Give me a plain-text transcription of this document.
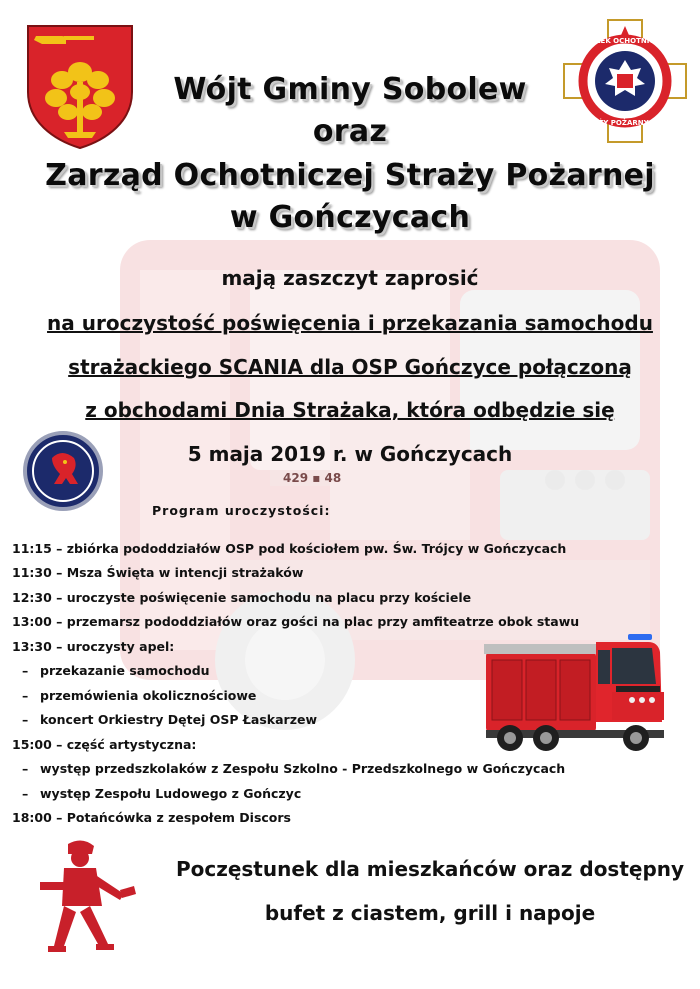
ZWIĄZEK OCHOTNICZYCH
STRAŻY POŻARNYCH RP
Wójt Gminy Sobolew
oraz
Zarząd Ochotniczej Straży Pożarnej
w Gończycach
mają zaszczyt zaprosić
na uroczystość poświęcenia i przekazania samochodu
strażackiego SCANIA dla OSP Gończyce połączoną
z obchodami Dnia Strażaka, która odbędzie się
5 maja 2019 r. w Gończycach
429 ▪ 48
Program uroczystości:
11:15 – zbiórka pododdziałów OSP pod kościołem pw. Św. Trójcy w Gończycach
11:30 – Msza Święta w intencji strażaków
12:30 – uroczyste poświęcenie samochodu na placu przy kościele
13:00 – przemarsz pododdziałów oraz gości na plac przy amfiteatrze obok stawu
13:30 – uroczysty apel:
– przekazanie samochodu
– przemówienia okolicznościowe
– koncert Orkiestry Dętej OSP Łaskarzew
15:00 – część artystyczna:
– występ przedszkolaków z Zespołu Szkolno - Przedszkolnego w Gończycach
– występ Zespołu Ludowego z Gończyc
18:00 – Potańcówka z zespołem Discors
Poczęstunek dla mieszkańców oraz dostępny
bufet z ciastem, grill i napoje
